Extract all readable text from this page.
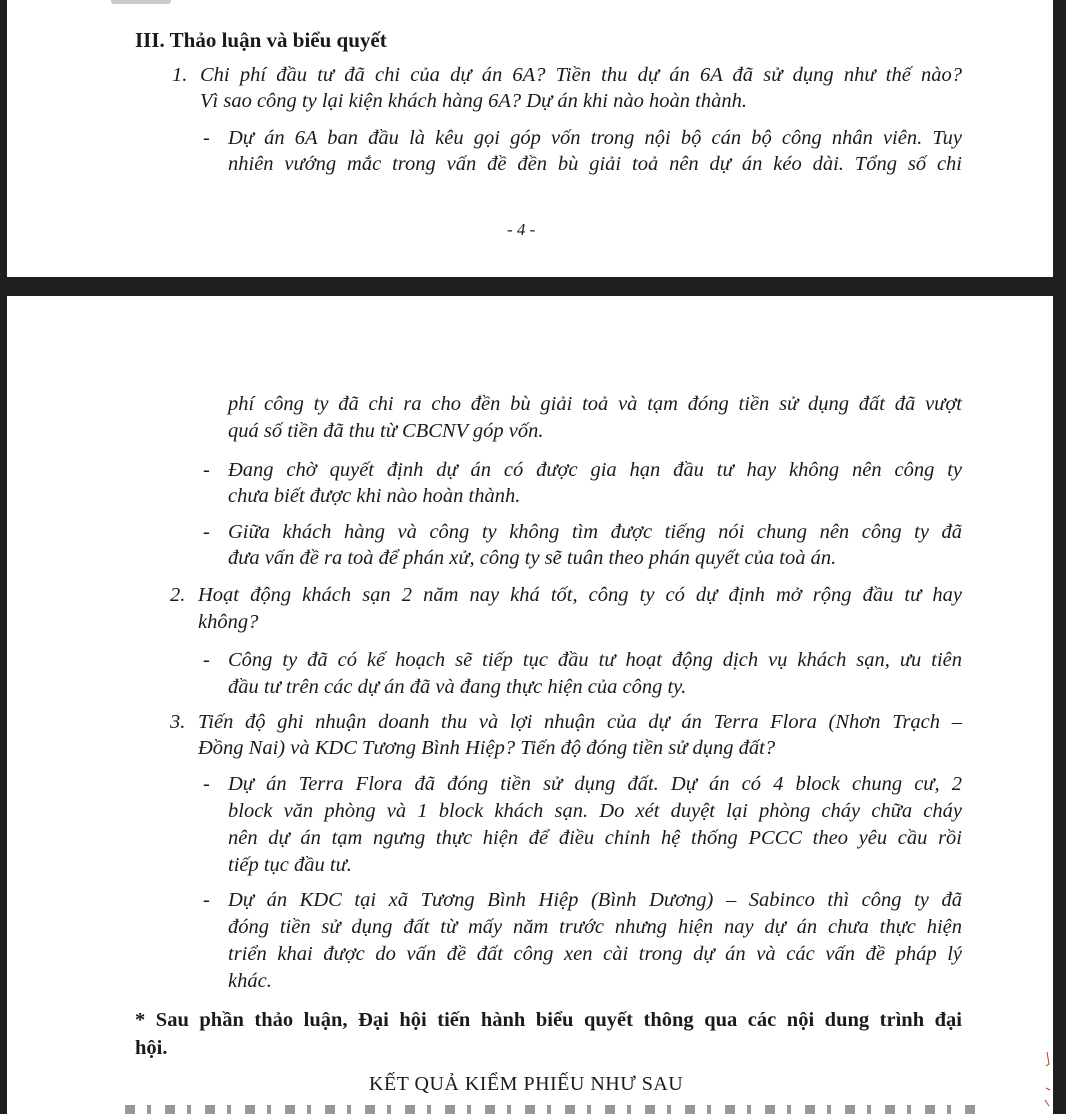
III. Thảo luận và biểu quyết
1. Chi phí đầu tư đã chi của dự án 6A? Tiền thu dự án 6A đã sử dụng như thế nào?
Vì sao công ty lại kiện khách hàng 6A? Dự án khi nào hoàn thành.
- Dự án 6A ban đầu là kêu gọi góp vốn trong nội bộ cán bộ công nhân viên. Tuy
nhiên vướng mắc trong vấn đề đền bù giải toả nên dự án kéo dài. Tổng số chi
- 4 -
phí công ty đã chi ra cho đền bù giải toả và tạm đóng tiền sử dụng đất đã vượt
quá số tiền đã thu từ CBCNV góp vốn.
- Đang chờ quyết định dự án có được gia hạn đầu tư hay không nên công ty
chưa biết được khi nào hoàn thành.
- Giữa khách hàng và công ty không tìm được tiếng nói chung nên công ty đã
đưa vấn đề ra toà để phán xử, công ty sẽ tuân theo phán quyết của toà án.
2. Hoạt động khách sạn 2 năm nay khá tốt, công ty có dự định mở rộng đầu tư hay
không?
- Công ty đã có kế hoạch sẽ tiếp tục đầu tư hoạt động dịch vụ khách sạn, ưu tiên
đầu tư trên các dự án đã và đang thực hiện của công ty.
3. Tiến độ ghi nhuận doanh thu và lợi nhuận của dự án Terra Flora (Nhơn Trạch –
Đồng Nai) và KDC Tương Bình Hiệp? Tiến độ đóng tiền sử dụng đất?
- Dự án Terra Flora đã đóng tiền sử dụng đất. Dự án có 4 block chung cư, 2
block văn phòng và 1 block khách sạn. Do xét duyệt lại phòng cháy chữa cháy
nên dự án tạm ngưng thực hiện để điều chỉnh hệ thống PCCC theo yêu cầu rồi
tiếp tục đầu tư.
- Dự án KDC tại xã Tương Bình Hiệp (Bình Dương) – Sabinco thì công ty đã
đóng tiền sử dụng đất từ mấy năm trước nhưng hiện nay dự án chưa thực hiện
triển khai được do vấn đề đất công xen cài trong dự án và các vấn đề pháp lý
khác.
* Sau phần thảo luận, Đại hội tiến hành biểu quyết thông qua các nội dung trình đại
hội.
KẾT QUẢ KIỂM PHIẾU NHƯ SAU
